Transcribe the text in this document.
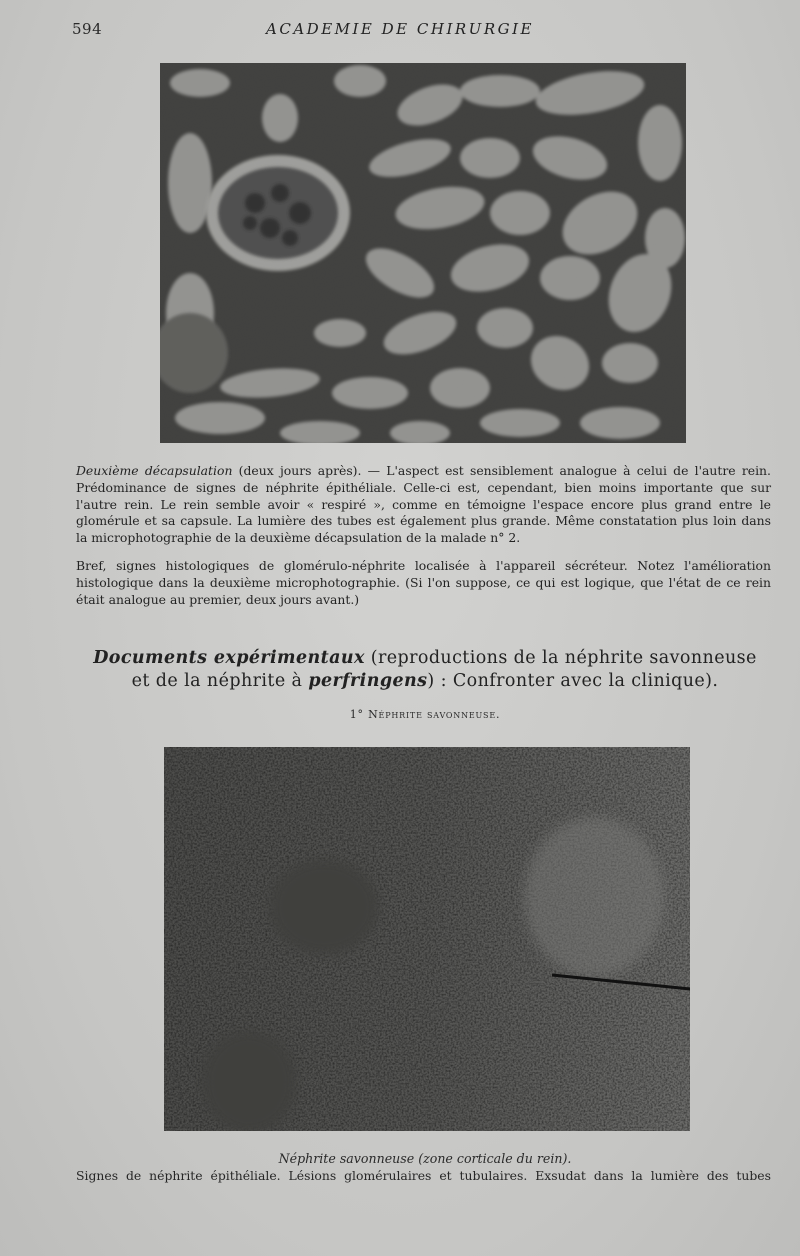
594	ACADEMIE DE CHIRURGIE
Deuxième décapsulation (deux jours après). — L'aspect est sensiblement analogue à celui de l'autre rein. Prédominance de signes de néphrite épithéliale. Celle-ci est, cependant, bien moins importante que sur l'autre rein. Le rein semble avoir « respiré », comme en témoigne l'espace encore plus grand entre le glomérule et sa capsule. La lumière des tubes est également plus grande. Même constatation plus loin dans la microphotographie de la deuxième décapsulation de la malade n° 2.
Bref, signes histologiques de glomérulo-néphrite localisée à l'appareil sécréteur. Notez l'amélioration histologique dans la deuxième microphotographie. (Si l'on suppose, ce qui est logique, que l'état de ce rein était analogue au premier, deux jours avant.)
Documents expérimentaux (reproductions de la néphrite savonneuse
et de la néphrite à perfringens) : Confronter avec la clinique).
1° Néphrite savonneuse.
Néphrite savonneuse (zone corticale du rein).
Signes de néphrite épithéliale. Lésions glomérulaires et tubulaires. Exsudat dans la lumière des tubes
